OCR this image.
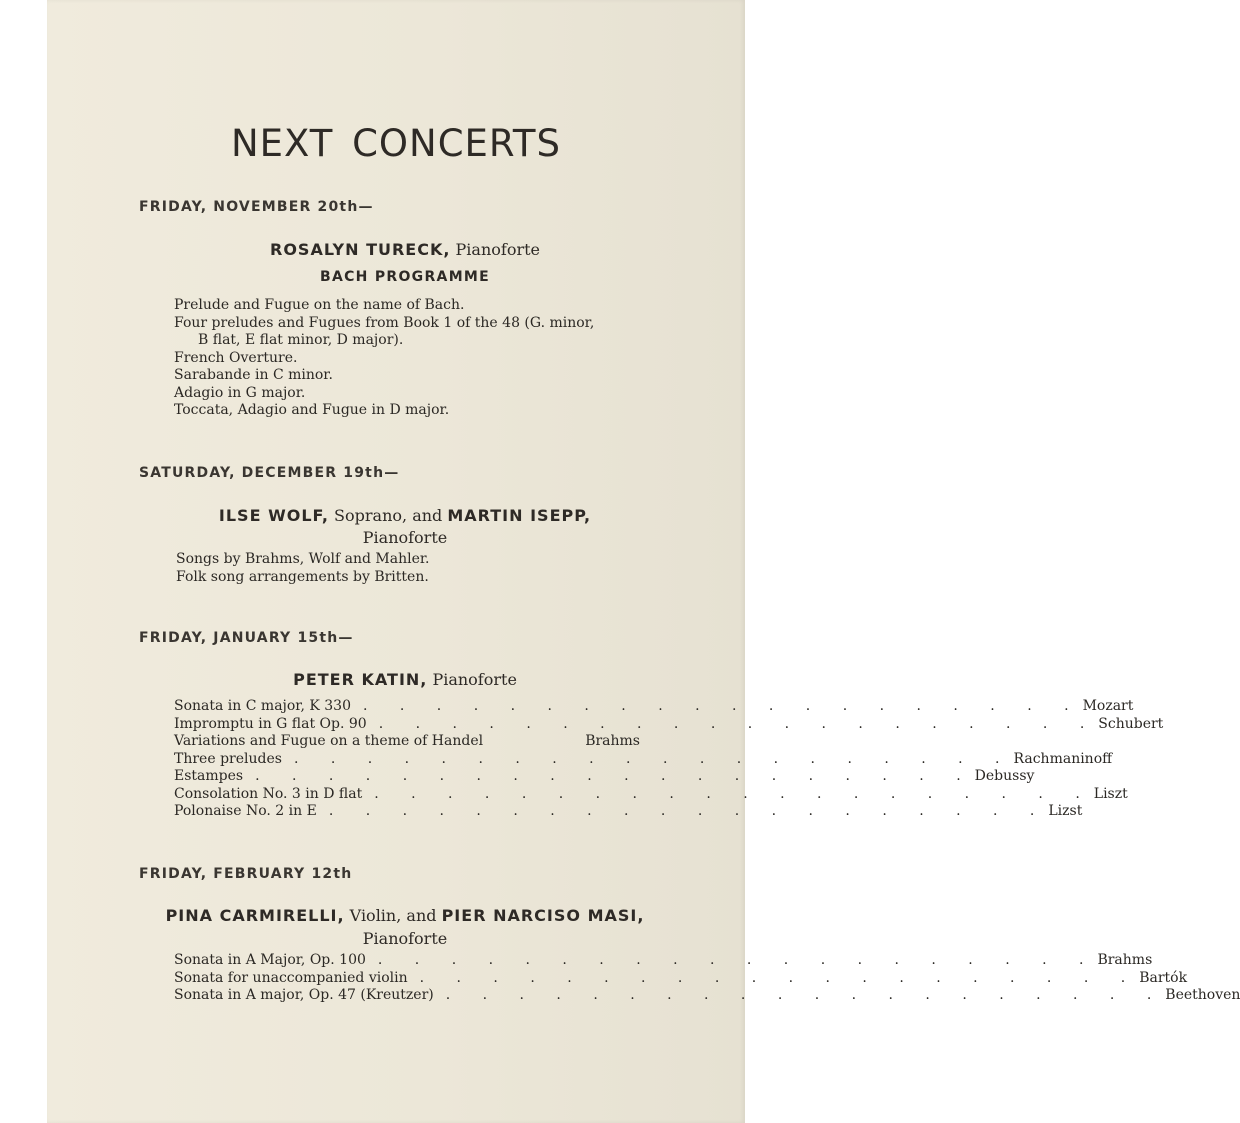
NEXT CONCERTS
FRIDAY, NOVEMBER 20th—
ROSALYN TURECK, Pianoforte
BACH PROGRAMME
Prelude and Fugue on the name of Bach.
Four preludes and Fugues from Book 1 of the 48 (G. minor,
B flat, E flat minor, D major).
French Overture.
Sarabande in C minor.
Adagio in G major.
Toccata, Adagio and Fugue in D major.
SATURDAY, DECEMBER 19th—
ILSE WOLF, Soprano, and MARTIN ISEPP,
Pianoforte
Songs by Brahms, Wolf and Mahler.
Folk song arrangements by Britten.
FRIDAY, JANUARY 15th—
PETER KATIN, Pianoforte
Sonata in C major, K 330 . . . . . . . . . . . . . . . . . . . . Mozart
Impromptu in G flat Op. 90 . . . . . . . . . . . . . . . . . . . . Schubert
Variations and Fugue on a theme of Handel	Brahms
Three preludes . . . . . . . . . . . . . . . . . . . . Rachmaninoff
Estampes . . . . . . . . . . . . . . . . . . . . Debussy
Consolation No. 3 in D flat . . . . . . . . . . . . . . . . . . . . Liszt
Polonaise No. 2 in E . . . . . . . . . . . . . . . . . . . . Lizst
FRIDAY, FEBRUARY 12th
PINA CARMIRELLI, Violin, and PIER NARCISO MASI,
Pianoforte
Sonata in A Major, Op. 100 . . . . . . . . . . . . . . . . . . . . Brahms
Sonata for unaccompanied violin . . . . . . . . . . . . . . . . . . . . Bartók
Sonata in A major, Op. 47 (Kreutzer) . . . . . . . . . . . . . . . . . . . . Beethoven
